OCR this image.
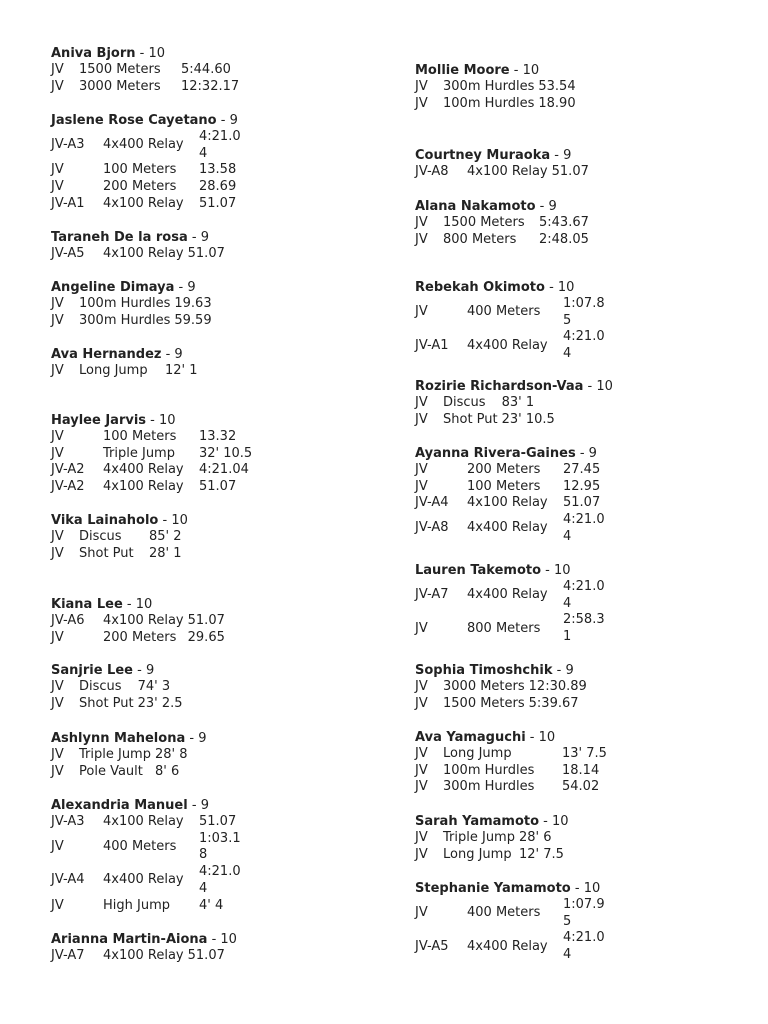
Aniva Bjorn - 10
JV	1500 Meters	5:44.60
JV	3000 Meters	12:32.17
Jaslene Rose Cayetano - 9
JV-A3	4x400 Relay	4:21.04
JV	100 Meters	13.58
JV	200 Meters	28.69
JV-A1	4x100 Relay	51.07
Taraneh De la rosa - 9
JV-A5	4x100 Relay	51.07
Angeline Dimaya - 9
JV	100m Hurdles	19.63
JV	300m Hurdles	59.59
Ava Hernandez - 9
JV	Long Jump	12' 1
Haylee Jarvis - 10
JV	100 Meters	13.32
JV	Triple Jump	32' 10.5
JV-A2	4x400 Relay	4:21.04
JV-A2	4x100 Relay	51.07
Vika Lainaholo - 10
JV	Discus	85' 2
JV	Shot Put	28' 1
Kiana Lee - 10
JV-A6	4x100 Relay	51.07
JV	200 Meters	29.65
Sanjrie Lee - 9
JV	Discus	74' 3
JV	Shot Put	23' 2.5
Ashlynn Mahelona - 9
JV	Triple Jump	28' 8
JV	Pole Vault	8' 6
Alexandria Manuel - 9
JV-A3	4x100 Relay	51.07
JV	400 Meters	1:03.18
JV-A4	4x400 Relay	4:21.04
JV	High Jump	4' 4
Arianna Martin-Aiona - 10
JV-A7	4x100 Relay	51.07
Mollie Moore - 10
JV	300m Hurdles	53.54
JV	100m Hurdles	18.90
Courtney Muraoka - 9
JV-A8	4x100 Relay	51.07
Alana Nakamoto - 9
JV	1500 Meters	5:43.67
JV	800 Meters	2:48.05
Rebekah Okimoto - 10
JV	400 Meters	1:07.85
JV-A1	4x400 Relay	4:21.04
Rozirie Richardson-Vaa - 10
JV	Discus	83' 1
JV	Shot Put	23' 10.5
Ayanna Rivera-Gaines - 9
JV	200 Meters	27.45
JV	100 Meters	12.95
JV-A4	4x100 Relay	51.07
JV-A8	4x400 Relay	4:21.04
Lauren Takemoto - 10
JV-A7	4x400 Relay	4:21.04
JV	800 Meters	2:58.31
Sophia Timoshchik - 9
JV	3000 Meters	12:30.89
JV	1500 Meters	5:39.67
Ava Yamaguchi - 10
JV	Long Jump	13' 7.5
JV	100m Hurdles	18.14
JV	300m Hurdles	54.02
Sarah Yamamoto - 10
JV	Triple Jump	28' 6
JV	Long Jump	12' 7.5
Stephanie Yamamoto - 10
JV	400 Meters	1:07.95
JV-A5	4x400 Relay	4:21.04
